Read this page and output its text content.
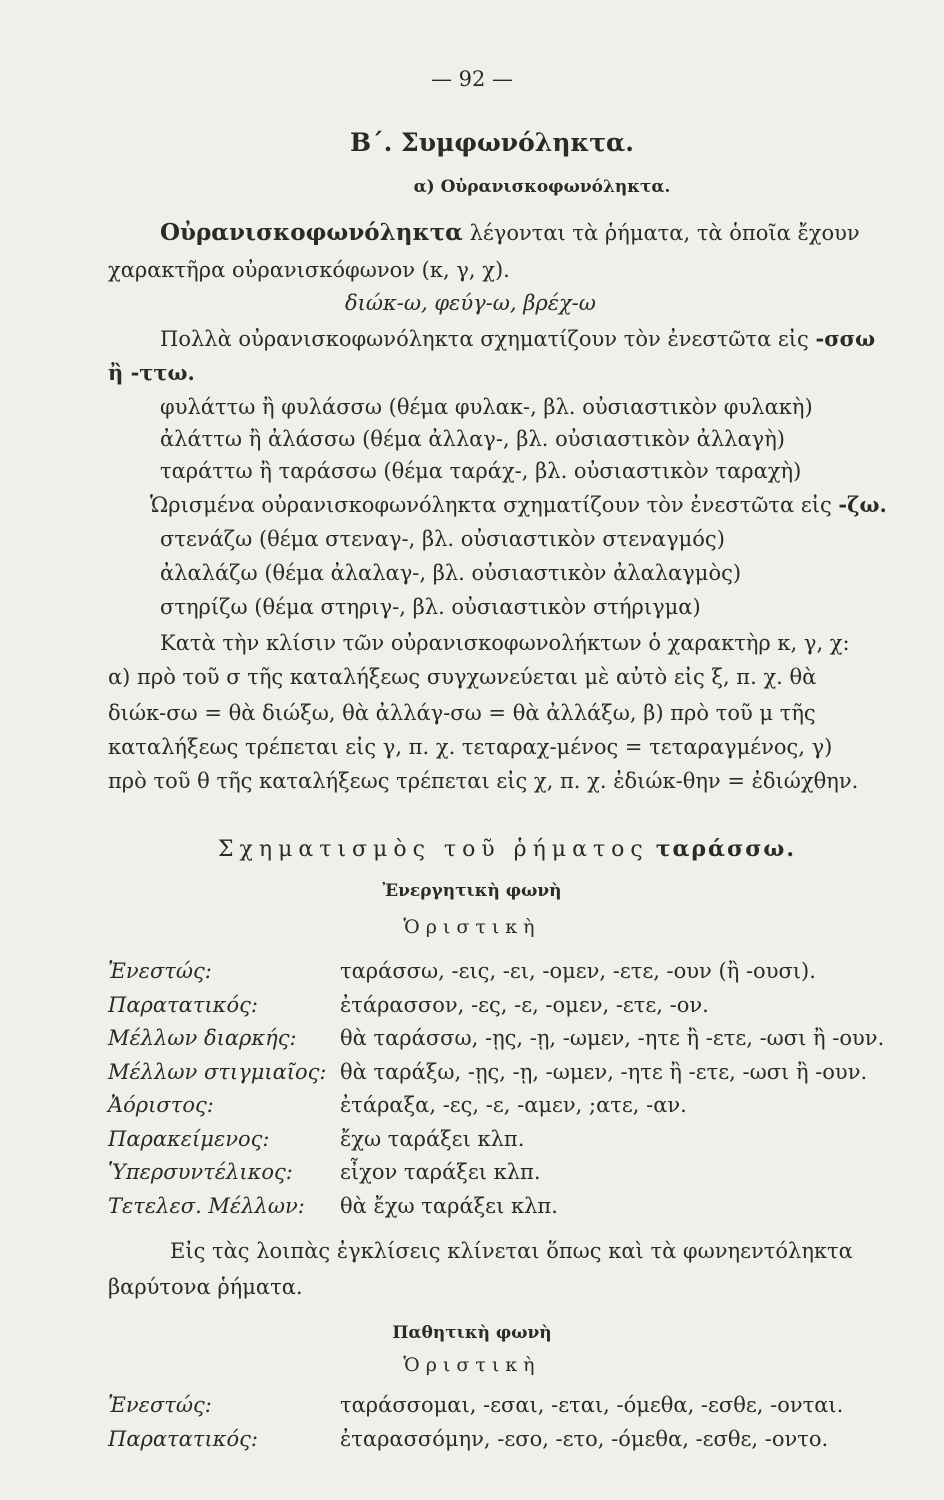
— 92 —
Β΄. Συμφωνόληκτα.
α) Οὐρανισκοφωνόληκτα.
Οὐρανισκοφωνόληκτα λέγονται τὰ ῥήματα, τὰ ὁποῖα ἔχουν
χαρακτῆρα οὐρανισκόφωνον (κ, γ, χ).
διώκ-ω, φεύγ-ω, βρέχ-ω
Πολλὰ οὐρανισκοφωνόληκτα σχηματίζουν τὸν ἐνεστῶτα εἰς -σσω
ἢ -ττω.
φυλάττω ἢ φυλάσσω (θέμα φυλακ-, βλ. οὐσιαστικὸν φυλακὴ)
ἀλάττω ἢ ἀλάσσω (θέμα ἀλλαγ-, βλ. οὐσιαστικὸν ἀλλαγὴ)
ταράττω ἢ ταράσσω (θέμα ταράχ-, βλ. οὐσιαστικὸν ταραχὴ)
Ὡρισμένα οὐρανισκοφωνόληκτα σχηματίζουν τὸν ἐνεστῶτα εἰς -ζω.
στενάζω (θέμα στεναγ-, βλ. οὐσιαστικὸν στεναγμός)
ἀλαλάζω (θέμα ἀλαλαγ-, βλ. οὐσιαστικὸν ἀλαλαγμὸς)
στηρίζω (θέμα στηριγ-, βλ. οὐσιαστικὸν στήριγμα)
Κατὰ τὴν κλίσιν τῶν οὐρανισκοφωνολήκτων ὁ χαρακτὴρ κ, γ, χ:
α) πρὸ τοῦ σ τῆς καταλήξεως συγχωνεύεται μὲ αὐτὸ εἰς ξ, π. χ. θὰ
διώκ-σω = θὰ διώξω, θὰ ἀλλάγ-σω = θὰ ἀλλάξω, β) πρὸ τοῦ μ τῆς
καταλήξεως τρέπεται εἰς γ, π. χ. τεταραχ-μένος = τεταραγμένος, γ)
πρὸ τοῦ θ τῆς καταλήξεως τρέπεται εἰς χ, π. χ. ἐδιώκ-θην = ἐδιώχθην.
Σχηματισμὸς τοῦ ῥήματος ταράσσω.
Ἐνεργητικὴ φωνὴ
Ὁριστικὴ
Ἐνεστώς:	ταράσσω, -εις, -ει, -ομεν, -ετε, -ουν (ἢ -ουσι).
Παρατατικός:	ἐτάρασσον, -ες, -ε, -ομεν, -ετε, -ον.
Μέλλων διαρκής: θὰ ταράσσω, -ῃς, -ῃ, -ωμεν, -ητε ἢ -ετε, -ωσι ἢ -ουν.
Μέλλων στιγμιαῖος: θὰ ταράξω, -ῃς, -ῃ, -ωμεν, -ητε ἢ -ετε, -ωσι ἢ -ουν.
Ἀόριστος:	ἐτάραξα, -ες, -ε, -αμεν, ;ατε, -αν.
Παρακείμενος:	ἔχω ταράξει κλπ.
Ὑπερσυντέλικος: εἶχον ταράξει κλπ.
Τετελεσ. Μέλλων: θὰ ἔχω ταράξει κλπ.
Εἰς τὰς λοιπὰς ἐγκλίσεις κλίνεται ὅπως καὶ τὰ φωνηεντόληκτα
βαρύτονα ῥήματα.
Παθητικὴ φωνὴ
Ὁριστικὴ
Ἐνεστώς:	ταράσσομαι, -εσαι, -εται, -όμεθα, -εσθε, -ονται.
Παρατατικός:	ἐταρασσόμην, -εσο, -ετο, -όμεθα, -εσθε, -οντο.
